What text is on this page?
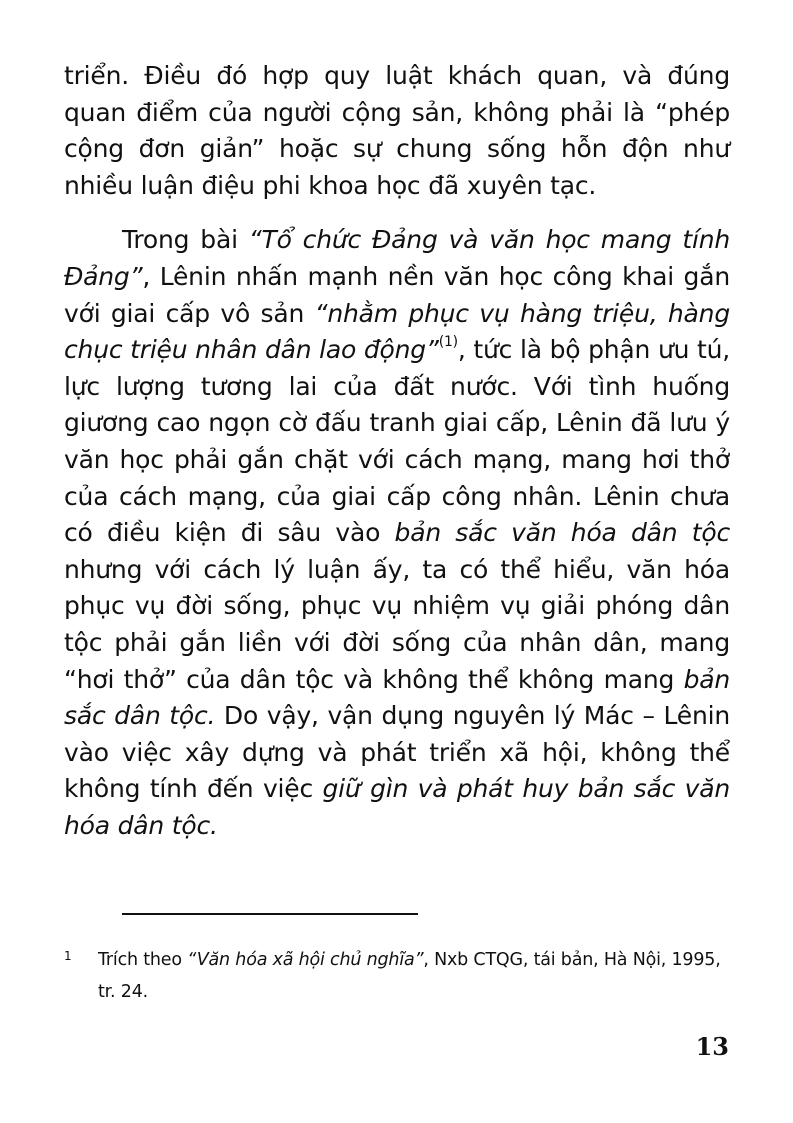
triển. Điều đó hợp quy luật khách quan, và đúng quan điểm của người cộng sản, không phải là “phép cộng đơn giản” hoặc sự chung sống hỗn độn như nhiều luận điệu phi khoa học đã xuyên tạc.

Trong bài “Tổ chức Đảng và văn học mang tính Đảng”, Lênin nhấn mạnh nền văn học công khai gắn với giai cấp vô sản “nhằm phục vụ hàng triệu, hàng chục triệu nhân dân lao động”$^{(1)}$, tức là bộ phận ưu tú, lực lượng tương lai của đất nước. Với tình huống giương cao ngọn cờ đấu tranh giai cấp, Lênin đã lưu ý văn học phải gắn chặt với cách mạng, mang hơi thở của cách mạng, của giai cấp công nhân. Lênin chưa có điều kiện đi sâu vào bản sắc văn hóa dân tộc nhưng với cách lý luận ấy, ta có thể hiểu, văn hóa phục vụ đời sống, phục vụ nhiệm vụ giải phóng dân tộc phải gắn liền với đời sống của nhân dân, mang “hơi thở” của dân tộc và không thể không mang bản sắc dân tộc. Do vậy, vận dụng nguyên lý Mác – Lênin vào việc xây dựng và phát triển xã hội, không thể không tính đến việc giữ gìn và phát huy bản sắc văn hóa dân tộc.

1 Trích theo “Văn hóa xã hội chủ nghĩa”, Nxb CTQG, tái bản, Hà Nội, 1995, tr. 24.
13
